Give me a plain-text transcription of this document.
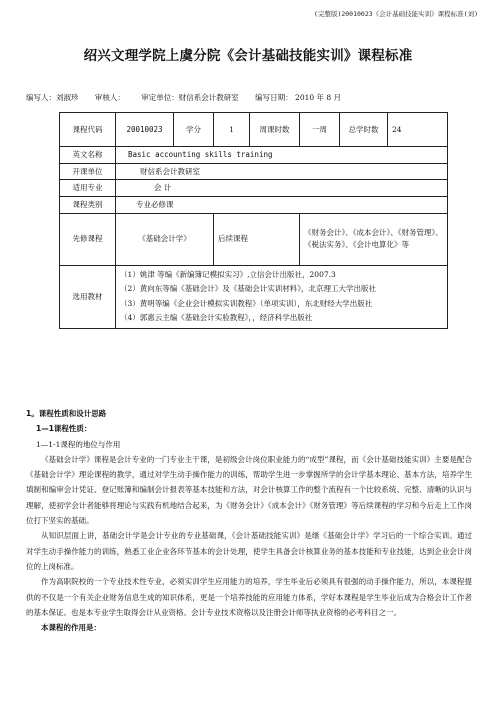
(完整版)20010023《会计基础技能实训》课程标准(刘)
绍兴文理学院上虞分院《会计基础技能实训》课程标准
编写人：刘淑珍 审核人： 审定单位：财信系会计教研室 编写日期： 2010 年 8 月
课程代码	20010023	学分	1	周课时数	一周	总学时数	24
英文名称	Basic accounting skills training						
开课单位	财信系会计教研室						
适用专业	会 计						
课程类别	专业必修课						
先修课程	《基础会计学》		后续课程		《财务会计》、《成本会计》、《财务管理》、《税法实务》、《会计电算化》等		
选用教材	（1）姚津 等编《新编簿记模拟实习》,立信会计出版社，2007.3
（2）黄向东等编《基础会计》及《基础会计实训材料》，北京理工大学出版社
（3）黄明等编《企业会计模拟实训教程》（单项实训），东北财经大学出版社
（4）郭惠云主编《基础会计实验教程》，，经济科学出版社						
1。课程性质和设计思路
1—1课程性质：
1—1-1课程的地位与作用
《基础会计学》课程是会计专业的一门专业主干课，是初级会计岗位职业能力的“成型”课程，而《会计基础技能实训》主要是配合《基础会计学》理论课程的教学，通过对学生动手操作能力的训练，帮助学生进一步掌握所学的会计学基本理论、基本方法，培养学生填制和编审会计凭证、登记账簿和编制会计报表等基本技能和方法，对会计核算工作的整个流程有一个比较系统、完整、清晰的认识与理解，使初学会计者能够将理论与实践有机地结合起来，为《财务会计》《成本会计》《财务管理》等后续课程的学习和今后走上工作岗位打下坚实的基础。
从知识层面上讲，基础会计学是会计专业的专业基础课，《会计基础技能实训》是继《基础会计学》学习后的一个综合实训。通过对学生动手操作能力的训练，熟悉工业企业各环节基本的会计处理，使学生具备会计核算业务的基本技能和专业技能，达到企业会计岗位的上岗标准。
作为高职院校的一个专业技术性专业，必须实训学生应用能力的培养，学生毕业后必须具有很强的动手操作能力，所以，本课程提供的不仅是一个有关企业财务信息生成的知识体系，更是一个培养技能的应用能力体系，学好本课程是学生毕业后成为合格会计工作者的基本保证。也是本专业学生取得会计从业资格、会计专业技术资格以及注册会计师等执业资格的必考科目之一。
本课程的作用是：
